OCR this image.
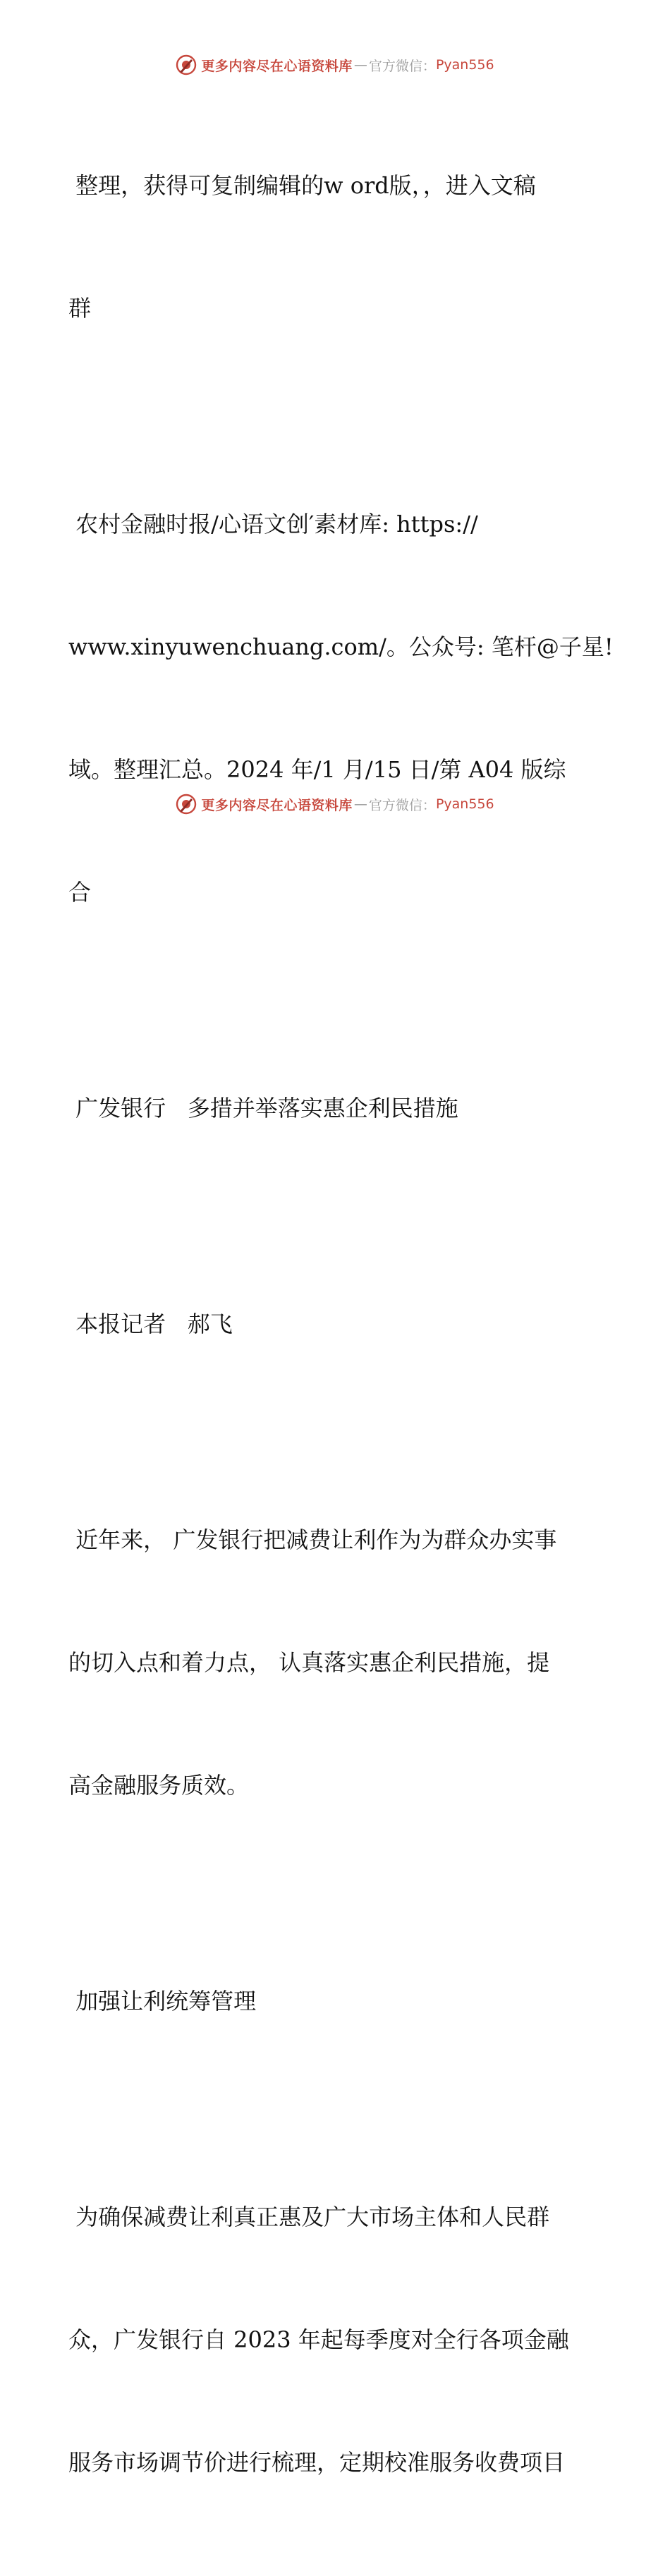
更多内容尽在心语资料库 — 官方微信： Pyan556

整理，获得可复制编辑的w ord版，，进入文稿

群

农村金融时报/心语文创′素材库: https://

www.xinyuwenchuang.com/。公众号: 笔杆@子星!

域。整理汇总。2024 年/1 月/15 日/第 A04 版综

合

广发银行   多措并举落实惠企利民措施

本报记者   郝飞

近年来， 广发银行把减费让利作为为群众办实事

的切入点和着力点， 认真落实惠企利民措施，提

高金融服务质效。

加强让利统筹管理

为确保减费让利真正惠及广大市场主体和人民群

众，广发银行自 2023 年起每季度对全行各项金融

服务市场调节价进行梳理，定期校准服务收费项目

更多内容尽在心语资料库 — 官方微信： Pyan556
